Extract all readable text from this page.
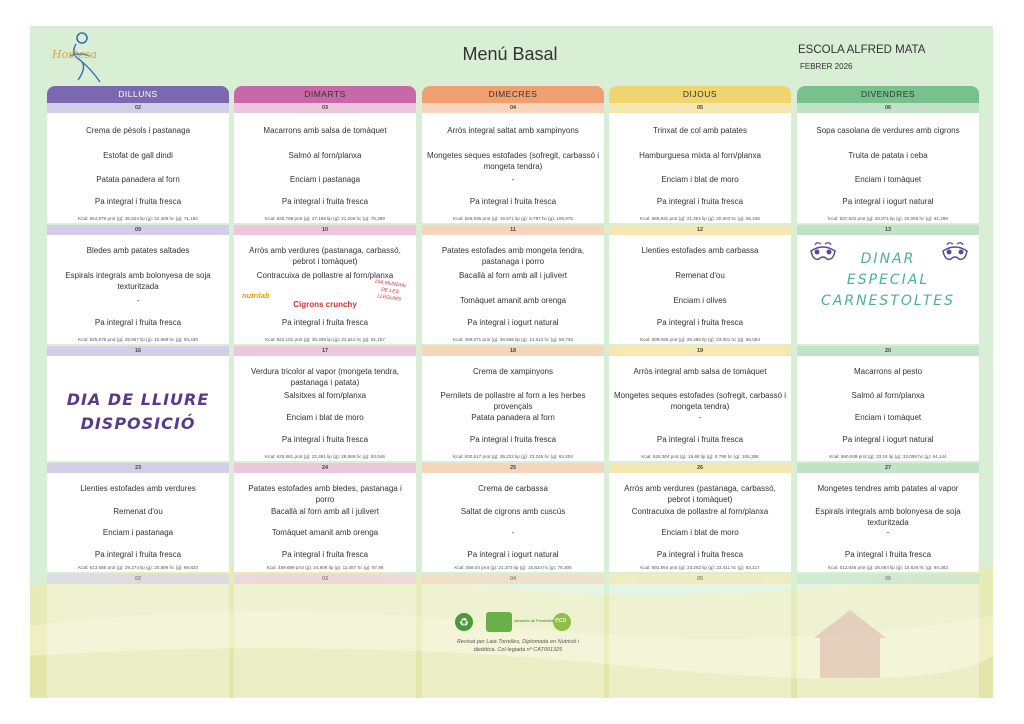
Hostesa	Menú Basal	ESCOLA ALFRED MATA
FEBRER 2026
DILLUNS	DIMARTS	DIMECRES	DIJOUS	DIVENDRES
02
Crema de pèsols i pastanaga
Estofat de gall dindi
Patata panadera al forn
Pa integral i fruita fresca
Kcal: 664,979 prot (g): 36,824 lip (g): 22,409 hc (g): 71,182
03
Macarrons amb salsa de tomàquet
Salmó al forn/planxa
Enciam i pastanaga
Pa integral i fruita fresca
Kcal: 620,768 prot (g): 27,188 lip (g): 21,206 hc (g): 75,369
04
Arròs integral saltat amb xampinyons
Mongetes seques estofades (sofregit, carbassó i mongeta tendra)
-
Pa integral i fruita fresca
Kcal: 626,936 prot (g): 19,671 lip (g): 8,787 hc (g): 105,975
05
Trinxat de col amb patates
Hamburguesa mixta al forn/planxa
Enciam i blat de moro
Pa integral i fruita fresca
Kcal: 589,831 prot (g): 21,451 lip (g): 20,603 hc (g): 55,246
06
Sopa casolana de verdures amb cigrons
Truita de patata i ceba
Enciam i tomàquet
Pa integral i iogurt natural
Kcal: 537,832 prot (g): 20,871 lip (g): 20,058 hc (g): 61,298
09
Bledes amb patates saltades
Espirals integrals amb bolonyesa de soja texturitzada
-
Pa integral i fruita fresca
Kcal: 625,876 prot (g): 25,967 lip (g): 10,989 hc (g): 94,438
10
Arròs amb verdures (pastanaga, carbassó, pebrot i tomàquet)
Contracuixa de pollastre al forn/planxa
Cigrons crunchy
Pa integral i fruita fresca
Kcal: 822,101 prot (g): 38,339 lip (g): 31,641 hc (g): 91,157
nutrilab
DIA MUNDIAL DE LES LLEGUMS
11
Patates estofades amb mongeta tendra, pastanaga i porro
Bacallà al forn amb all i julivert
Tomàquet amanit amb orenga
Pa integral i iogurt natural
Kcal: 499,671 prot (g): 28,566 lip (g): 14,613 hc (g): 58,748
12
Llenties estofades amb carbassa
Remenat d'ou
Enciam i olives
Pa integral i fruita fresca
Kcal: 609,066 prot (g): 28,486 lip (g): 23,001 hc (g): 65,053
13
DINAR
ESPECIAL
CARNESTOLTES
16
DIA DE LLIURE
DISPOSICIÓ
17
Verdura tricolor al vapor (mongeta tendra, pastanaga i patata)
Salsitxes al forn/planxa
Enciam i blat de moro
Pa integral i fruita fresca
Kcal: 625,681 prot (g): 22,491 lip (g): 28,588 hc (g): 63,046
18
Crema de xampinyons
Pernilets de pollastre al forn a les herbes provençals
Patata panadera al forn
Pa integral i fruita fresca
Kcal: 630,517 prot (g): 36,222 lip (g): 23,245 hc (g): 63,204
19
Arròs integral amb salsa de tomàquet
Mongetes seques estofades (sofregit, carbassó i mongeta tendra)
-
Pa integral i fruita fresca
Kcal: 628,304 prot (g): 19,68 lip (g): 8,786 hc (g): 106,358
20
Macarrons al pesto
Salmó al forn/planxa
Enciam i tomàquet
Pa integral i iogurt natural
Kcal: 690,949 prot (g): 33,18 lip (g): 32,098 hc (g): 64,144
23
Llenties estofades amb verdures
Remenat d'ou
Enciam i pastanaga
Pa integral i fruita fresca
Kcal: 613,685 prot (g): 29,274 lip (g): 20,896 hc (g): 69,823
24
Patates estofades amb bledes, pastanaga i porro
Bacallà al forn amb all i julivert
Tomàquet amanit amb orenga
Pa integral i fruita fresca
Kcal: 499,699 prot (g): 24,809 lip (g): 11,487 hc (g): 67,95
25
Crema de carbassa
Saltat de cigrons amb cuscús
-
Pa integral i iogurt natural
Kcal: 558,04 prot (g): 21,373 lip (g): 15,824 hc (g): 75,305
26
Arròs amb verdures (pastanaga, carbassó, pebrot i tomàquet)
Contracuixa de pollastre al forn/planxa
Enciam i blat de moro
Pa integral i fruita fresca
Kcal: 691,854 prot (g): 33,282 lip (g): 23,411 hc (g): 83,317
27
Mongetes tendres amb patates al vapor
Espirals integrals amb bolonyesa de soja texturitzada
-
Pa integral i fruita fresca
Kcal: 612,546 prot (g): 26,064 lip (g): 10,626 hc (g): 94,283
02	03	04	05	06
♻	Aliments de Proximitat eco
Revisat per Laia Torrelles, Diplomada en Nutrició i dietètica. Col·legiada nº CAT001325
